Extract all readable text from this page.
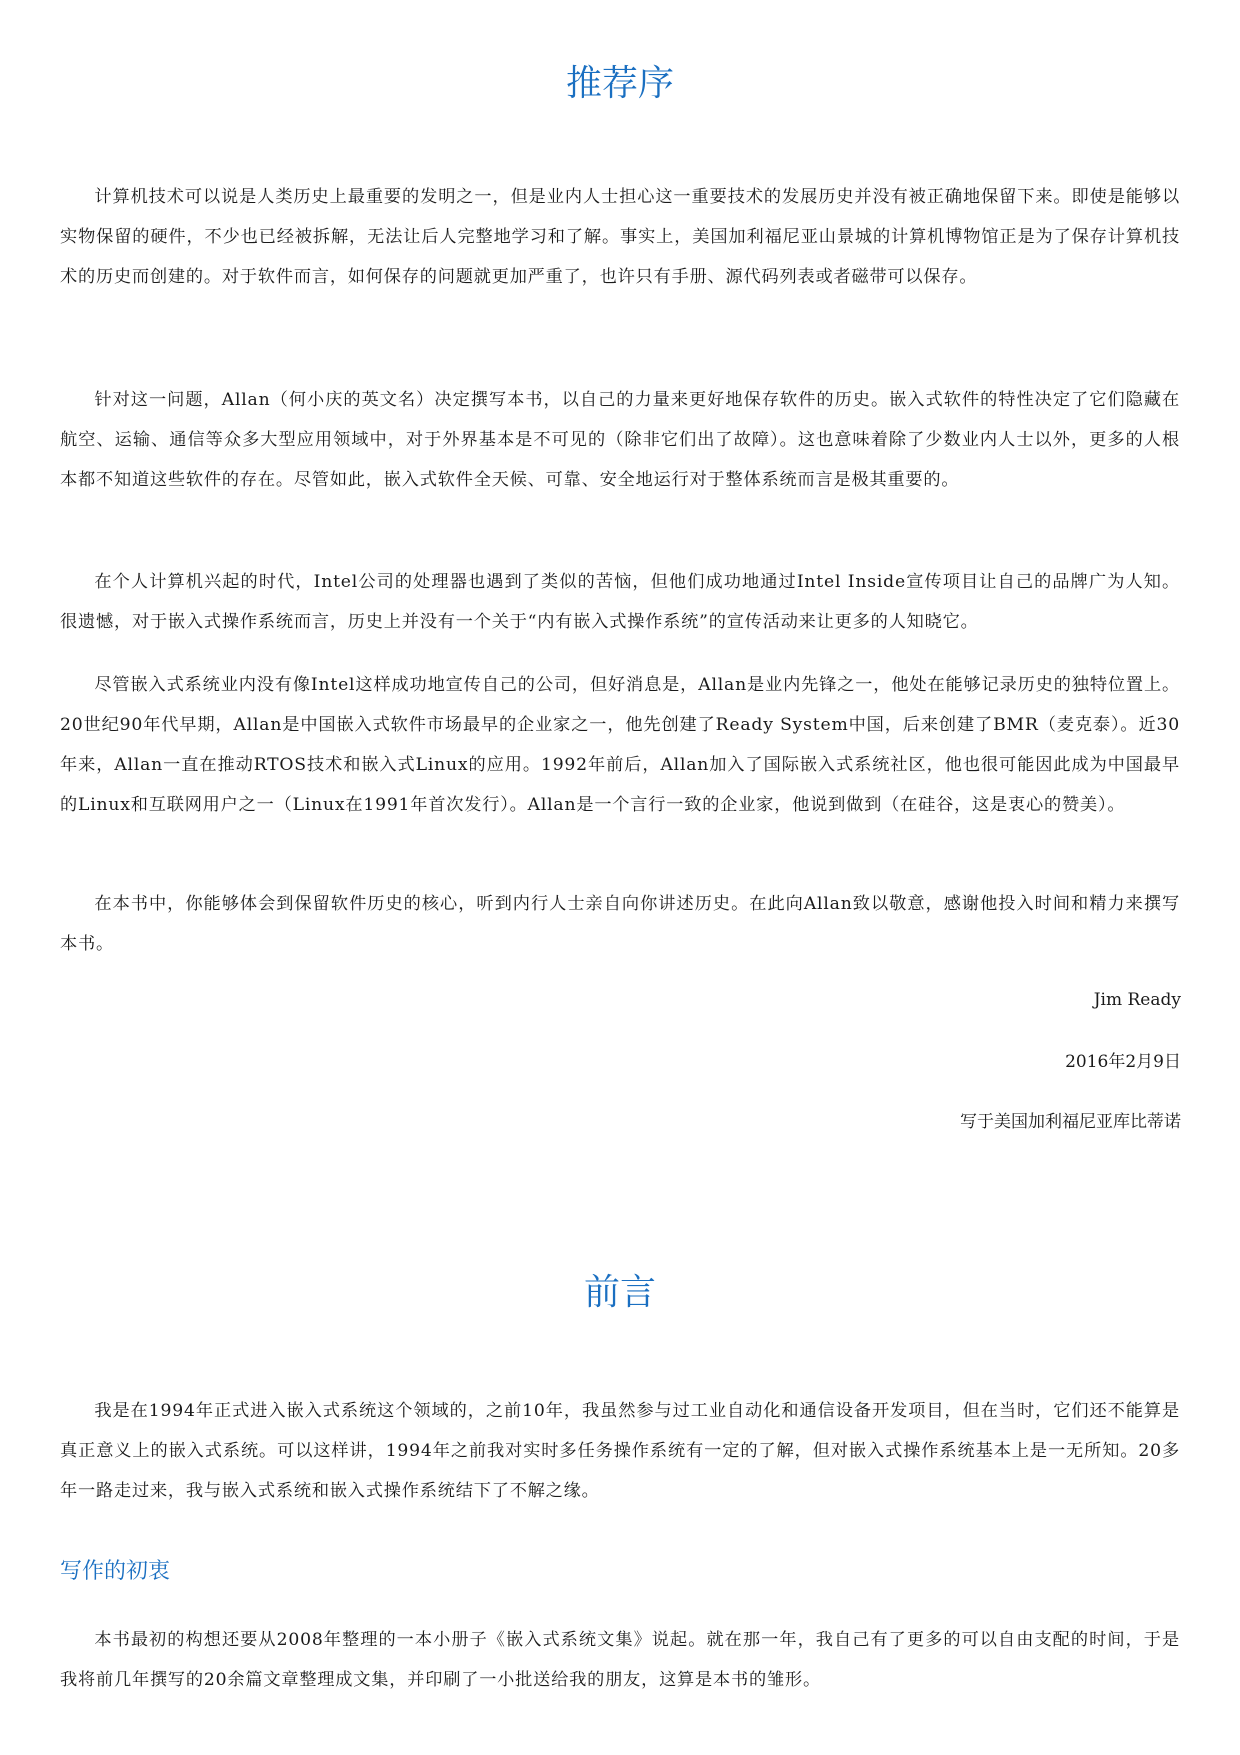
推荐序

计算机技术可以说是人类历史上最重要的发明之一，但是业内人士担心这一重要技术的发展历史并没有被正确地保留下来。即使是能够以实物保留的硬件，不少也已经被拆解，无法让后人完整地学习和了解。事实上，美国加利福尼亚山景城的计算机博物馆正是为了保存计算机技术的历史而创建的。对于软件而言，如何保存的问题就更加严重了，也许只有手册、源代码列表或者磁带可以保存。

针对这一问题，Allan（何小庆的英文名）决定撰写本书，以自己的力量来更好地保存软件的历史。嵌入式软件的特性决定了它们隐藏在航空、运输、通信等众多大型应用领域中，对于外界基本是不可见的（除非它们出了故障）。这也意味着除了少数业内人士以外，更多的人根本都不知道这些软件的存在。尽管如此，嵌入式软件全天候、可靠、安全地运行对于整体系统而言是极其重要的。

在个人计算机兴起的时代，Intel公司的处理器也遇到了类似的苦恼，但他们成功地通过Intel Inside宣传项目让自己的品牌广为人知。很遗憾，对于嵌入式操作系统而言，历史上并没有一个关于“内有嵌入式操作系统”的宣传活动来让更多的人知晓它。

尽管嵌入式系统业内没有像Intel这样成功地宣传自己的公司，但好消息是，Allan是业内先锋之一，他处在能够记录历史的独特位置上。20世纪90年代早期，Allan是中国嵌入式软件市场最早的企业家之一，他先创建了Ready System中国，后来创建了BMR（麦克泰）。近30年来，Allan一直在推动RTOS技术和嵌入式Linux的应用。1992年前后，Allan加入了国际嵌入式系统社区，他也很可能因此成为中国最早的Linux和互联网用户之一（Linux在1991年首次发行）。Allan是一个言行一致的企业家，他说到做到（在硅谷，这是衷心的赞美）。

在本书中，你能够体会到保留软件历史的核心，听到内行人士亲自向你讲述历史。在此向Allan致以敬意，感谢他投入时间和精力来撰写本书。

Jim Ready
2016年2月9日
写于美国加利福尼亚库比蒂诺
前言

我是在1994年正式进入嵌入式系统这个领域的，之前10年，我虽然参与过工业自动化和通信设备开发项目，但在当时，它们还不能算是真正意义上的嵌入式系统。可以这样讲，1994年之前我对实时多任务操作系统有一定的了解，但对嵌入式操作系统基本上是一无所知。20多年一路走过来，我与嵌入式系统和嵌入式操作系统结下了不解之缘。

写作的初衷

本书最初的构想还要从2008年整理的一本小册子《嵌入式系统文集》说起。就在那一年，我自己有了更多的可以自由支配的时间，于是我将前几年撰写的20余篇文章整理成文集，并印刷了一小批送给我的朋友，这算是本书的雏形。
